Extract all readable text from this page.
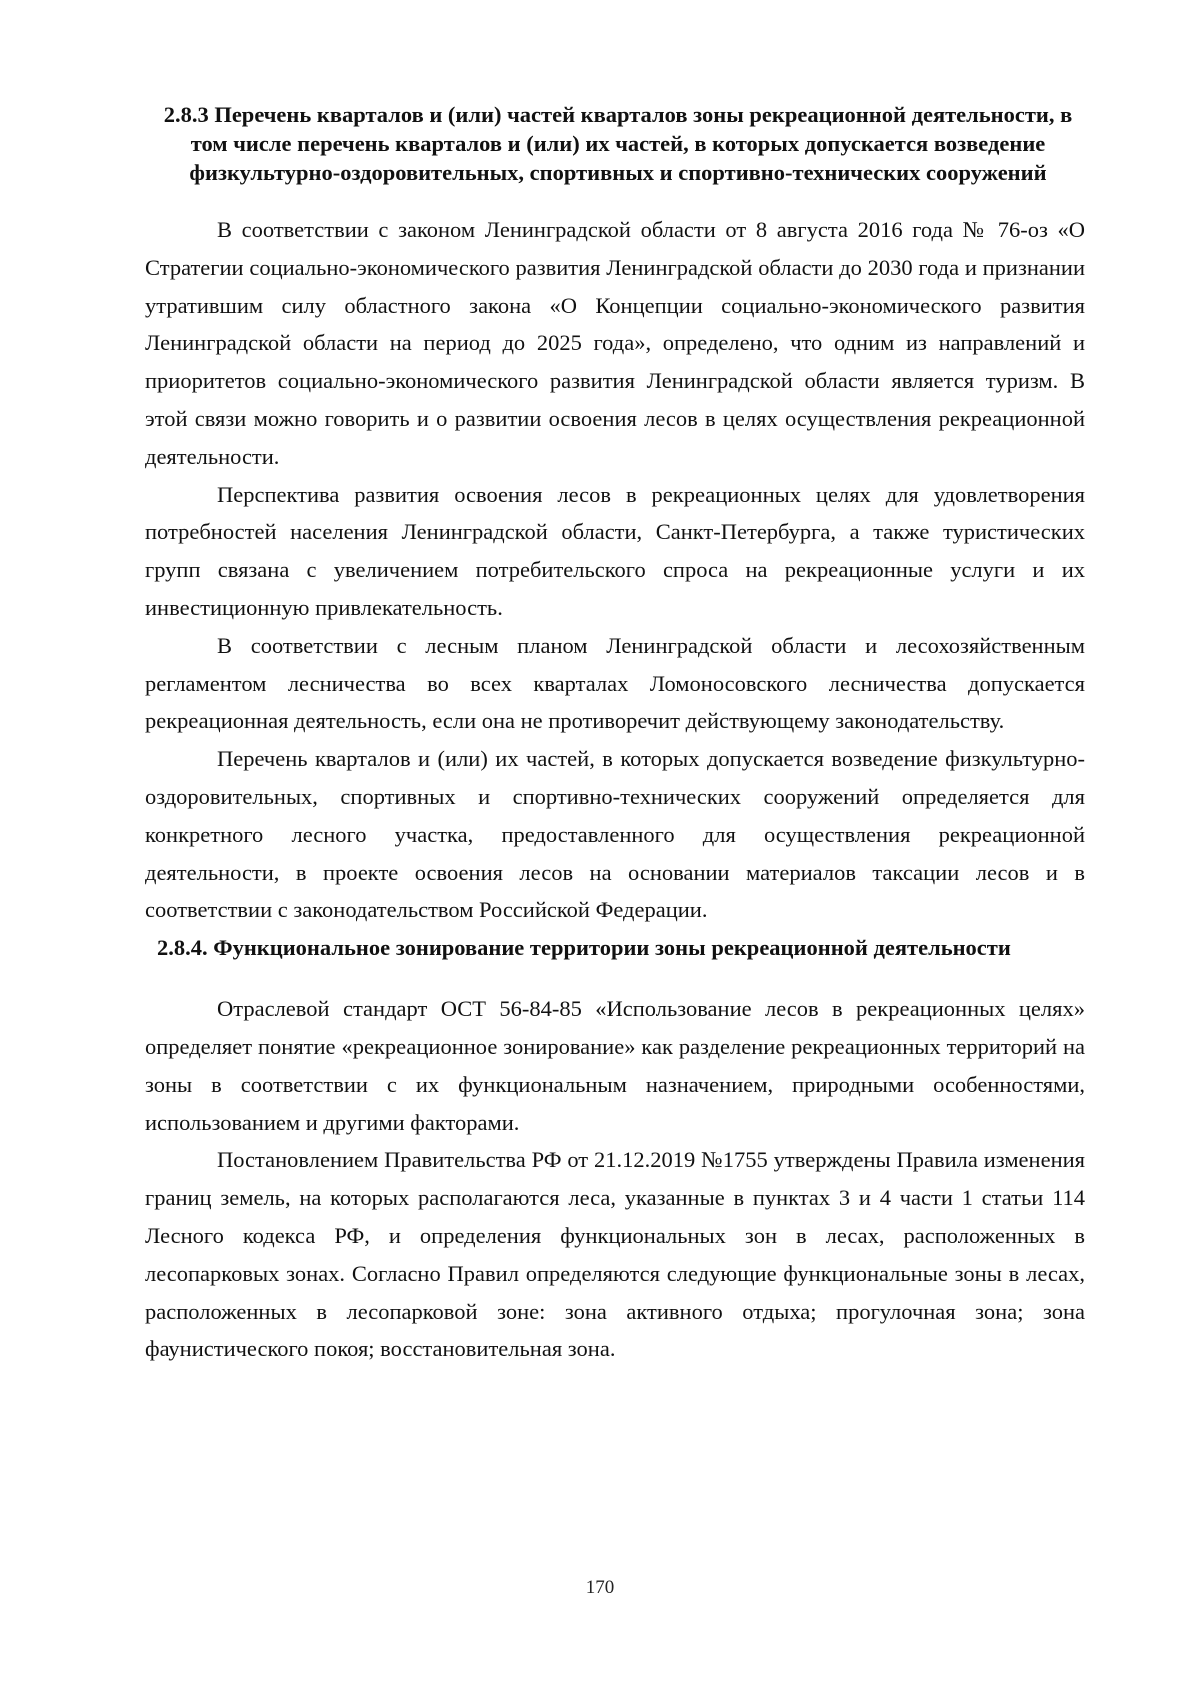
2.8.3 Перечень кварталов и (или) частей кварталов зоны рекреационной деятельности, в том числе перечень кварталов и (или) их частей, в которых допускается возведение физкультурно-оздоровительных, спортивных и спортивно-технических сооружений

В соответствии с законом Ленинградской области от 8 августа 2016 года № 76-оз «О Стратегии социально-экономического развития Ленинградской области до 2030 года и признании утратившим силу областного закона «О Концепции социально-экономического развития Ленинградской области на период до 2025 года», определено, что одним из направлений и приоритетов социально-экономического развития Ленинградской области является туризм. В этой связи можно говорить и о развитии освоения лесов в целях осуществления рекреационной деятельности.

Перспектива развития освоения лесов в рекреационных целях для удовлетворения потребностей населения Ленинградской области, Санкт-Петербурга, а также туристических групп связана с увеличением потребительского спроса на рекреационные услуги и их инвестиционную привлекательность.

В соответствии с лесным планом Ленинградской области и лесохозяйственным регламентом лесничества во всех кварталах Ломоносовского лесничества допускается рекреационная деятельность, если она не противоречит действующему законодательству.

Перечень кварталов и (или) их частей, в которых допускается возведение физкультурно-оздоровительных, спортивных и спортивно-технических сооружений определяется для конкретного лесного участка, предоставленного для осуществления рекреационной деятельности, в проекте освоения лесов на основании материалов таксации лесов и в соответствии с законодательством Российской Федерации.

2.8.4. Функциональное зонирование территории зоны рекреационной деятельности

Отраслевой стандарт ОСТ 56-84-85 «Использование лесов в рекреационных целях» определяет понятие «рекреационное зонирование» как разделение рекреационных территорий на зоны в соответствии с их функциональным назначением, природными особенностями, использованием и другими факторами.

Постановлением Правительства РФ от 21.12.2019 №1755 утверждены Правила изменения границ земель, на которых располагаются леса, указанные в пунктах 3 и 4 части 1 статьи 114 Лесного кодекса РФ, и определения функциональных зон в лесах, расположенных в лесопарковых зонах. Согласно Правил определяются следующие функциональные зоны в лесах, расположенных в лесопарковой зоне: зона активного отдыха; прогулочная зона; зона фаунистического покоя; восстановительная зона.

170
